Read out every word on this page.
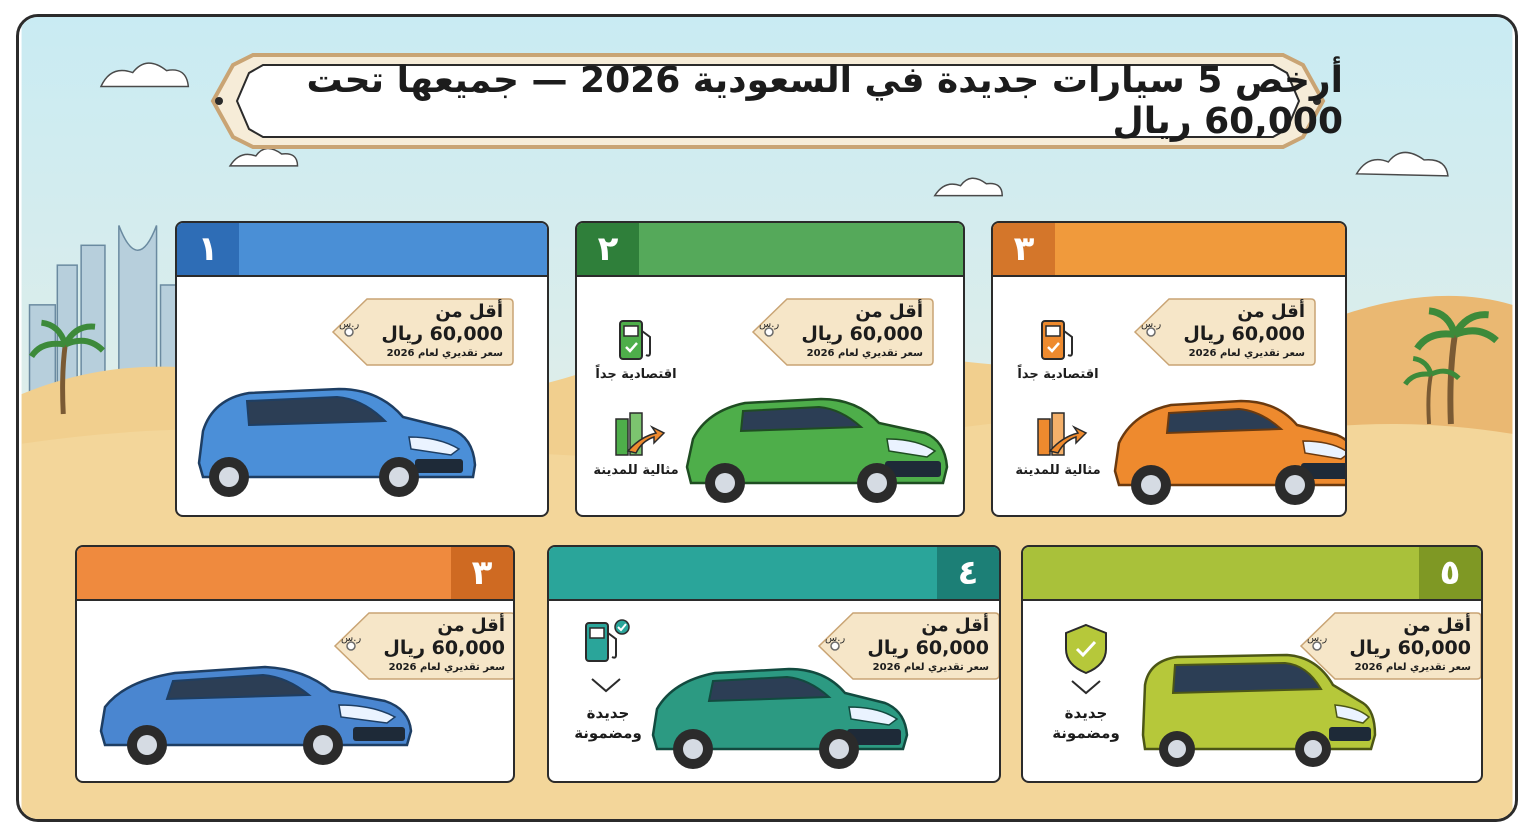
أرخص 5 سيارات جديدة في السعودية 2026 — جميعها تحت 60,000 ريال
١
ر.س
أقل من
60,000 ريال
سعر تقديري لعام 2026
٢
ر.س
أقل من
60,000 ريال
سعر تقديري لعام 2026
اقتصادية جداً
مثالية للمدينة
٣
ر.س
أقل من
60,000 ريال
سعر تقديري لعام 2026
اقتصادية جداً
مثالية للمدينة
٣
ر.س
أقل من
60,000 ريال
سعر تقديري لعام 2026
٤
ر.س
أقل من
60,000 ريال
سعر تقديري لعام 2026
جديدة
ومضمونة
٥
ر.س
أقل من
60,000 ريال
سعر تقديري لعام 2026
جديدة
ومضمونة
